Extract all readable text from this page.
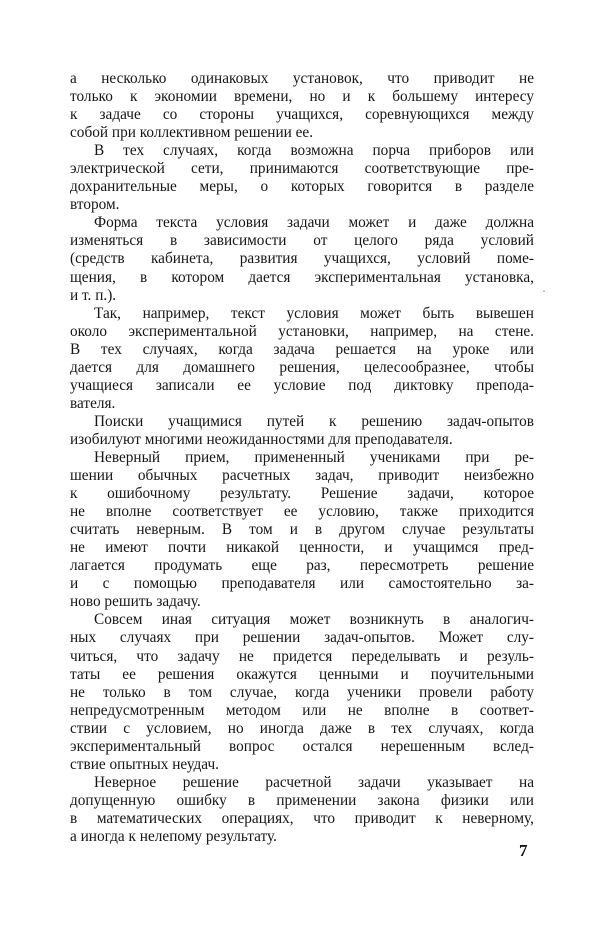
а несколько одинаковых установок, что приводит не
только к экономии времени, но и к большему интересу
к задаче со стороны учащихся, соревнующихся между
собой при коллективном решении ее.
В тех случаях, когда возможна порча приборов или
электрической сети, принимаются соответствующие пре-
дохранительные меры, о которых говорится в разделе
втором.
Форма текста условия задачи может и даже должна
изменяться в зависимости от целого ряда условий
(средств кабинета, развития учащихся, условий поме-
щения, в котором дается экспериментальная установка,
и т. п.).
Так, например, текст условия может быть вывешен
около экспериментальной установки, например, на стене.
В тех случаях, когда задача решается на уроке или
дается для домашнего решения, целесообразнее, чтобы
учащиеся записали ее условие под диктовку препода-
вателя.
Поиски учащимися путей к решению задач-опытов
изобилуют многими неожиданностями для преподавателя.
Неверный прием, примененный учениками при ре-
шении обычных расчетных задач, приводит неизбежно
к ошибочному результату. Решение задачи, которое
не вполне соответствует ее условию, также приходится
считать неверным. В том и в другом случае результаты
не имеют почти никакой ценности, и учащимся пред-
лагается продумать еще раз, пересмотреть решение
и с помощью преподавателя или самостоятельно за-
ново решить задачу.
Совсем иная ситуация может возникнуть в аналогич-
ных случаях при решении задач-опытов. Может слу-
читься, что задачу не придется переделывать и резуль-
таты ее решения окажутся ценными и поучительными
не только в том случае, когда ученики провели работу
непредусмотренным методом или не вполне в соответ-
ствии с условием, но иногда даже в тех случаях, когда
экспериментальный вопрос остался нерешенным вслед-
ствие опытных неудач.
Неверное решение расчетной задачи указывает на
допущенную ошибку в применении закона физики или
в математических операциях, что приводит к неверному,
а иногда к нелепому результату.
·
7
